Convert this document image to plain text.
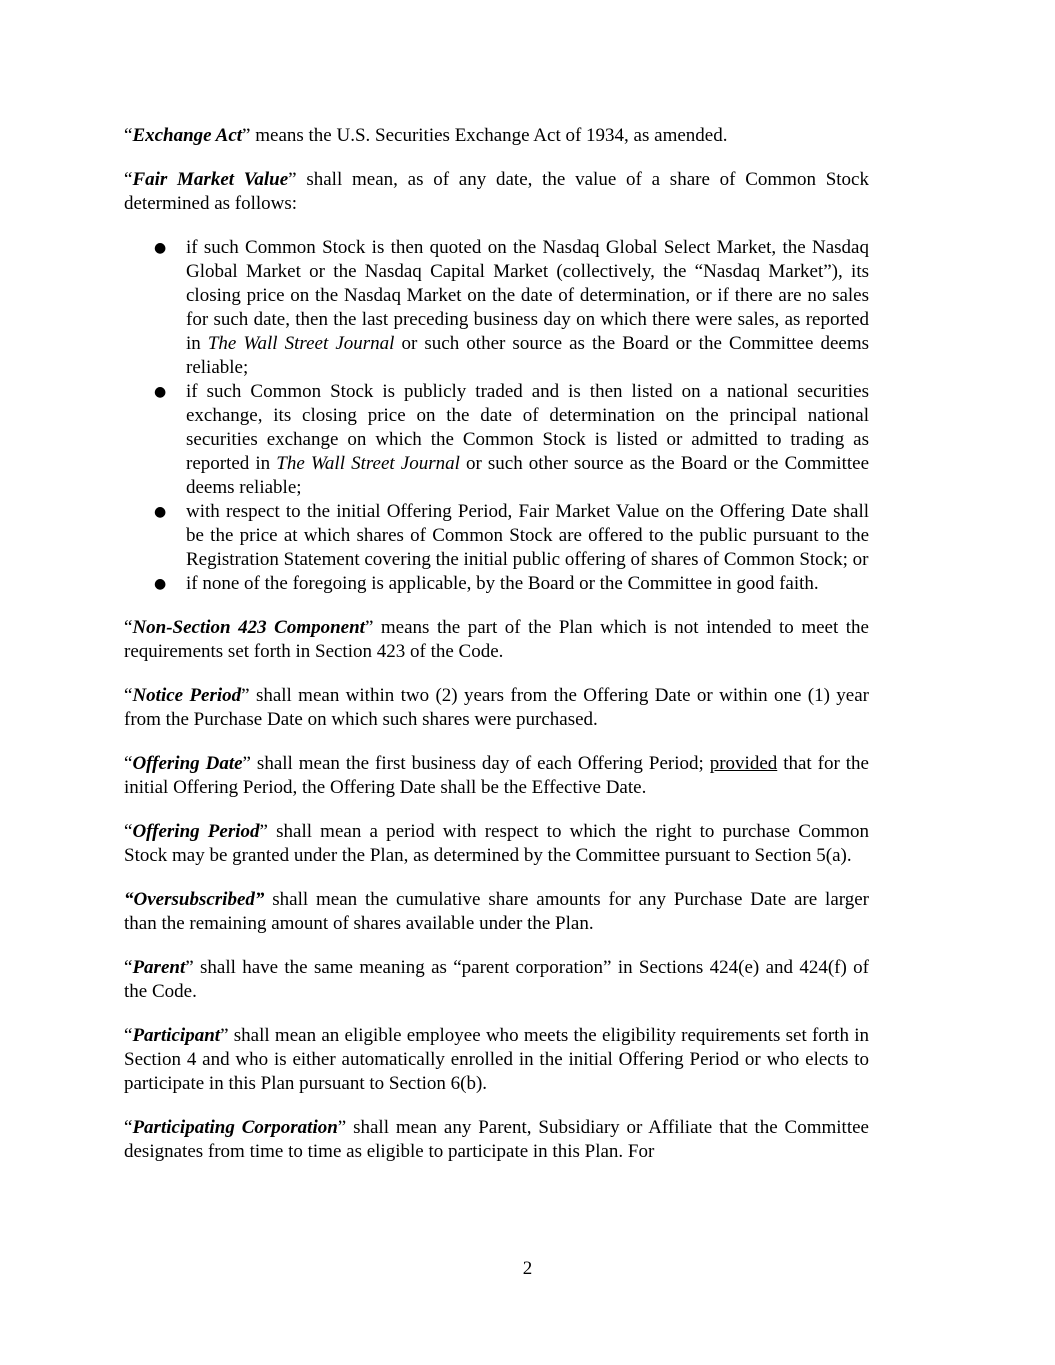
“Exchange Act” means the U.S. Securities Exchange Act of 1934, as amended.

“Fair Market Value” shall mean, as of any date, the value of a share of Common Stock determined as follows:

● if such Common Stock is then quoted on the Nasdaq Global Select Market, the Nasdaq Global Market or the Nasdaq Capital Market (collectively, the “Nasdaq Market”), its closing price on the Nasdaq Market on the date of determination, or if there are no sales for such date, then the last preceding business day on which there were sales, as reported in The Wall Street Journal or such other source as the Board or the Committee deems reliable;
● if such Common Stock is publicly traded and is then listed on a national securities exchange, its closing price on the date of determination on the principal national securities exchange on which the Common Stock is listed or admitted to trading as reported in The Wall Street Journal or such other source as the Board or the Committee deems reliable;
● with respect to the initial Offering Period, Fair Market Value on the Offering Date shall be the price at which shares of Common Stock are offered to the public pursuant to the Registration Statement covering the initial public offering of shares of Common Stock; or
● if none of the foregoing is applicable, by the Board or the Committee in good faith.

“Non-Section 423 Component” means the part of the Plan which is not intended to meet the requirements set forth in Section 423 of the Code.

“Notice Period” shall mean within two (2) years from the Offering Date or within one (1) year from the Purchase Date on which such shares were purchased.

“Offering Date” shall mean the first business day of each Offering Period; provided that for the initial Offering Period, the Offering Date shall be the Effective Date.

“Offering Period” shall mean a period with respect to which the right to purchase Common Stock may be granted under the Plan, as determined by the Committee pursuant to Section 5(a).

“Oversubscribed” shall mean the cumulative share amounts for any Purchase Date are larger than the remaining amount of shares available under the Plan.

“Parent” shall have the same meaning as “parent corporation” in Sections 424(e) and 424(f) of the Code.

“Participant” shall mean an eligible employee who meets the eligibility requirements set forth in Section 4 and who is either automatically enrolled in the initial Offering Period or who elects to participate in this Plan pursuant to Section 6(b).

“Participating Corporation” shall mean any Parent, Subsidiary or Affiliate that the Committee designates from time to time as eligible to participate in this Plan. For

2
